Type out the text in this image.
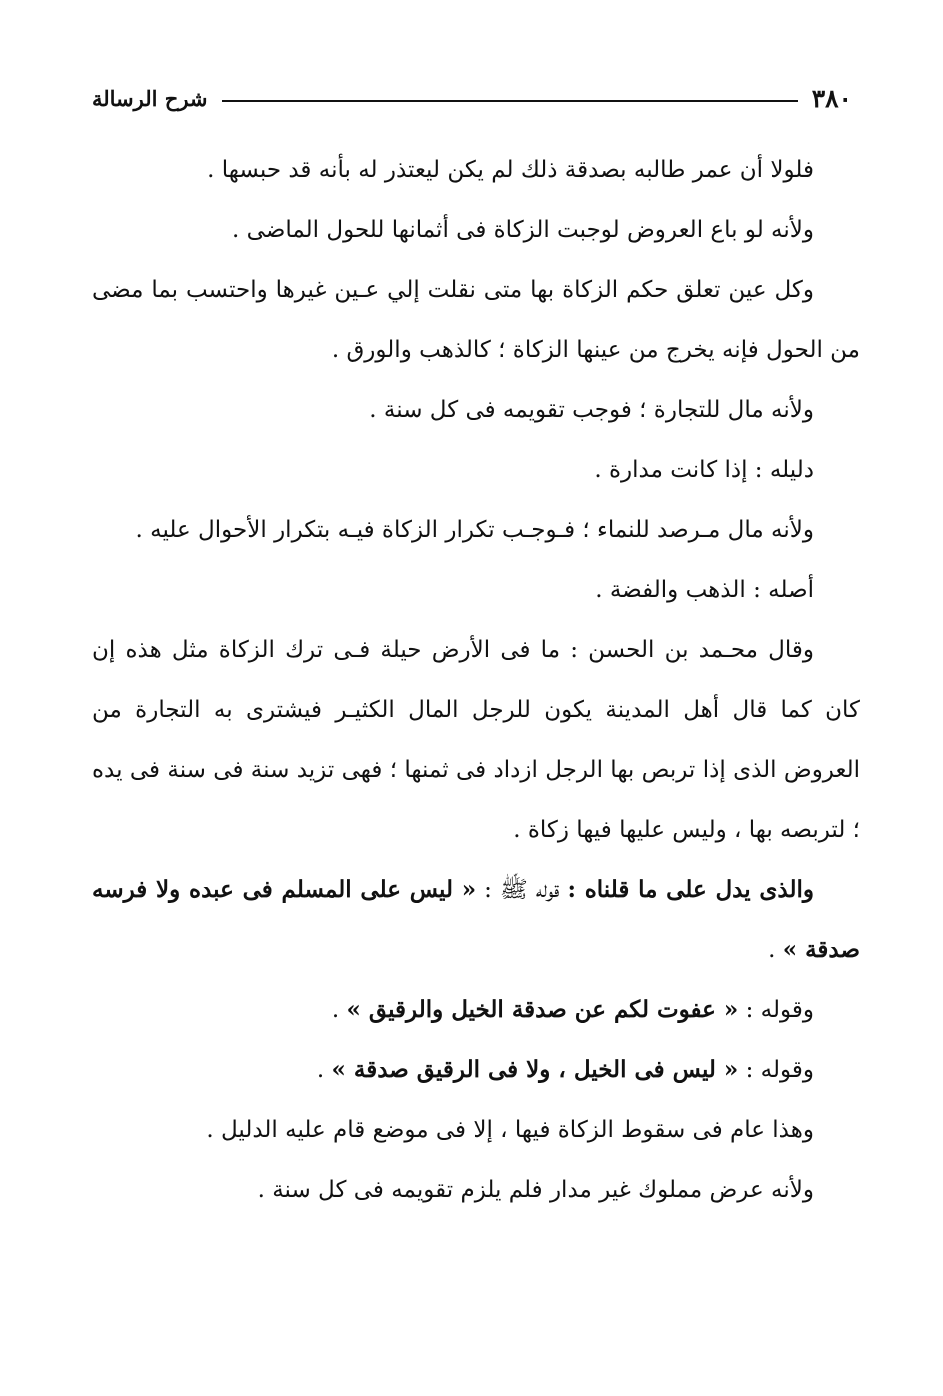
٣٨٠
شرح الرسالة

فلولا أن عمر طالبه بصدقة ذلك لم يكن ليعتذر له بأنه قد حبسها .

ولأنه لو باع العروض لوجبت الزكاة فى أثمانها للحول الماضى .

وكل عين تعلق حكم الزكاة بها متى نقلت إلي عـين غيرها واحتسب بما مضى من الحول فإنه يخرج من عينها الزكاة ؛ كالذهب والورق .

ولأنه مال للتجارة ؛ فوجب تقويمه فى كل سنة .

دليله : إذا كانت مدارة .

ولأنه مال مـرصد للنماء ؛ فـوجـب تكرار الزكاة فيـه بتكرار الأحوال عليه .

أصله : الذهب والفضة .

وقال محـمد بن الحسن : ما فى الأرض حيلة فـى ترك الزكاة مثل هذه إن كان كما قال أهل المدينة يكون للرجل المال الكثيـر فيشترى به التجارة من العروض الذى إذا تربص بها الرجل ازداد فى ثمنها ؛ فهى تزيد سنة فى سنة فى يده ؛ لتربصه بها ، وليس عليها فيها زكاة .

والذى يدل على ما قلناه : قوله ﷺ : « ليس على المسلم فى عبده ولا فرسه صدقة » .

وقوله : « عفوت لكم عن صدقة الخيل والرقيق » .

وقوله : « ليس فى الخيل ، ولا فى الرقيق صدقة » .

وهذا عام فى سقوط الزكاة فيها ، إلا فى موضع قام عليه الدليل .

ولأنه عرض مملوك غير مدار فلم يلزم تقويمه فى كل سنة .
